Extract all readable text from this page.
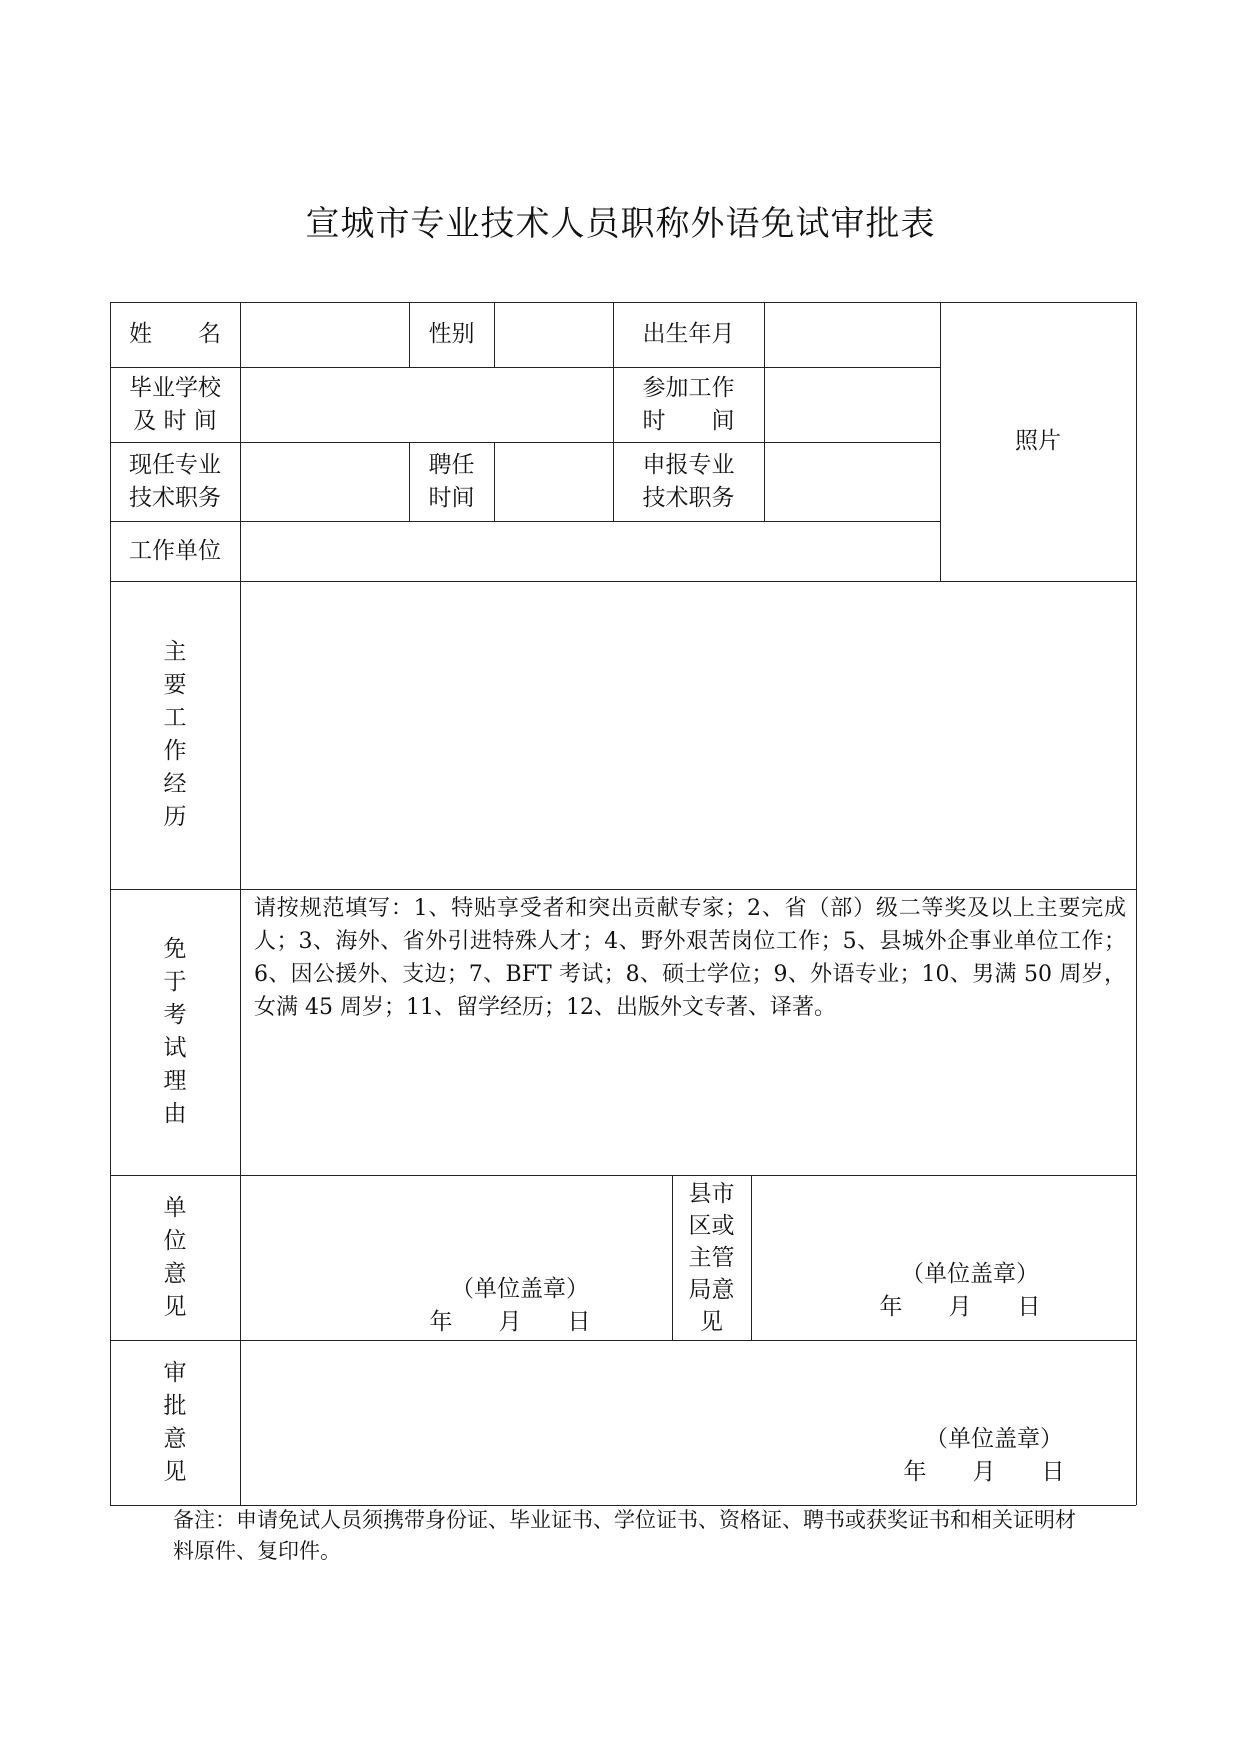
宣城市专业技术人员职称外语免试审批表
姓　　名	性别	出生年月
照片
毕业学校
及 时 间
参加工作
时　　间
现任专业
技术职务
聘任
时间
申报专业
技术职务
工作单位
主
要
工
作
经
历
免
于
考
试
理
由
请按规范填写：1、特贴享受者和突出贡献专家；2、省（部）级二等奖及以上主要完成人；3、海外、省外引进特殊人才；4、野外艰苦岗位工作；5、县城外企事业单位工作；6、因公援外、支边；7、BFT 考试；8、硕士学位；9、外语专业；10、男满 50 周岁，女满 45 周岁；11、留学经历；12、出版外文专著、译著。
单
位
意
见
（单位盖章）
年　　月　　日
县市
区或
主管
局意
见
（单位盖章）
年　　月　　日
审
批
意
见
（单位盖章）
年　　月　　日
备注：申请免试人员须携带身份证、毕业证书、学位证书、资格证、聘书或获奖证书和相关证明材料原件、复印件。
